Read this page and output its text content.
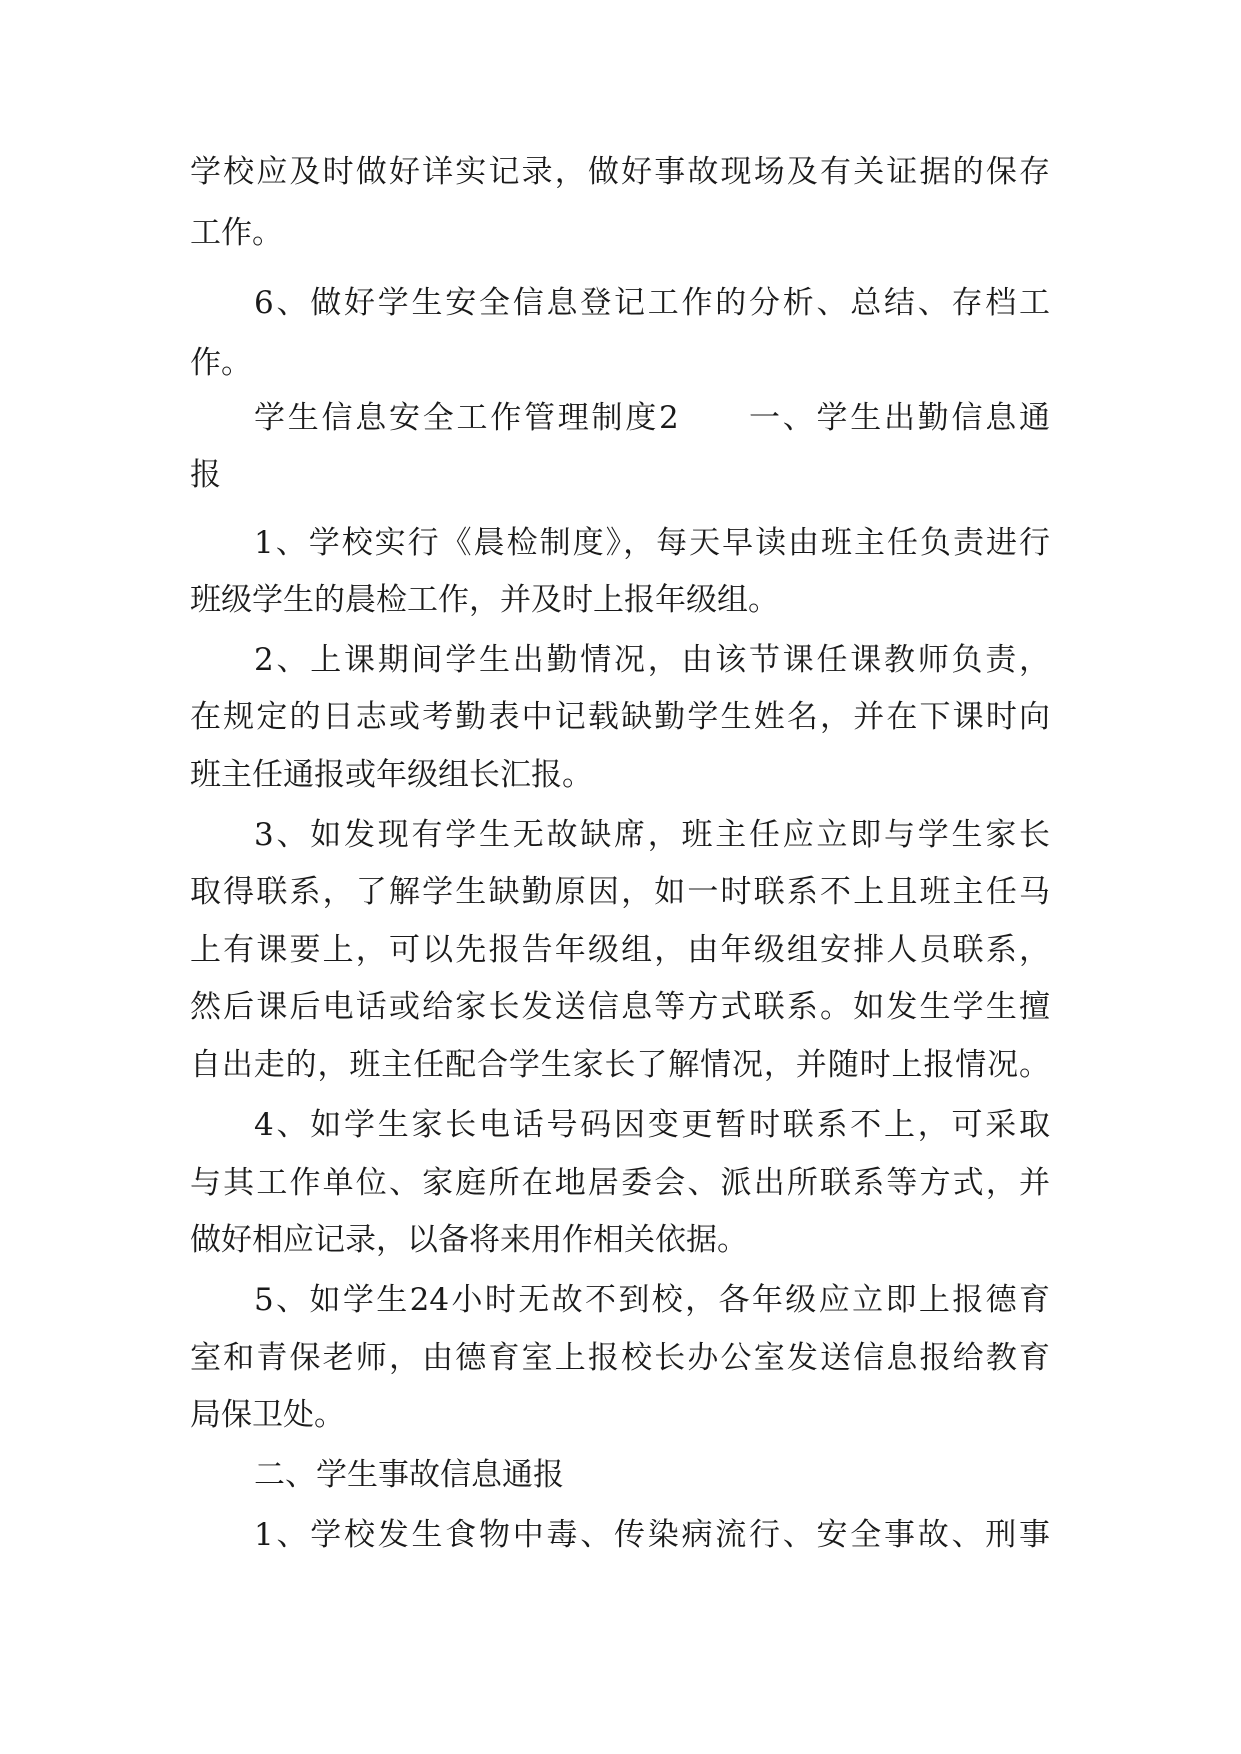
学校应及时做好详实记录，做好事故现场及有关证据的保存
工作。
6、做好学生安全信息登记工作的分析、总结、存档工
作。
学生信息安全工作管理制度2　　一、学生出勤信息通
报
1、学校实行《晨检制度》，每天早读由班主任负责进行
班级学生的晨检工作，并及时上报年级组。
2、上课期间学生出勤情况，由该节课任课教师负责，
在规定的日志或考勤表中记载缺勤学生姓名，并在下课时向
班主任通报或年级组长汇报。
3、如发现有学生无故缺席，班主任应立即与学生家长
取得联系，了解学生缺勤原因，如一时联系不上且班主任马
上有课要上，可以先报告年级组，由年级组安排人员联系，
然后课后电话或给家长发送信息等方式联系。如发生学生擅
自出走的，班主任配合学生家长了解情况，并随时上报情况。
4、如学生家长电话号码因变更暂时联系不上，可采取
与其工作单位、家庭所在地居委会、派出所联系等方式，并
做好相应记录，以备将来用作相关依据。
5、如学生24小时无故不到校，各年级应立即上报德育
室和青保老师，由德育室上报校长办公室发送信息报给教育
局保卫处。
二、学生事故信息通报
1、学校发生食物中毒、传染病流行、安全事故、刑事
